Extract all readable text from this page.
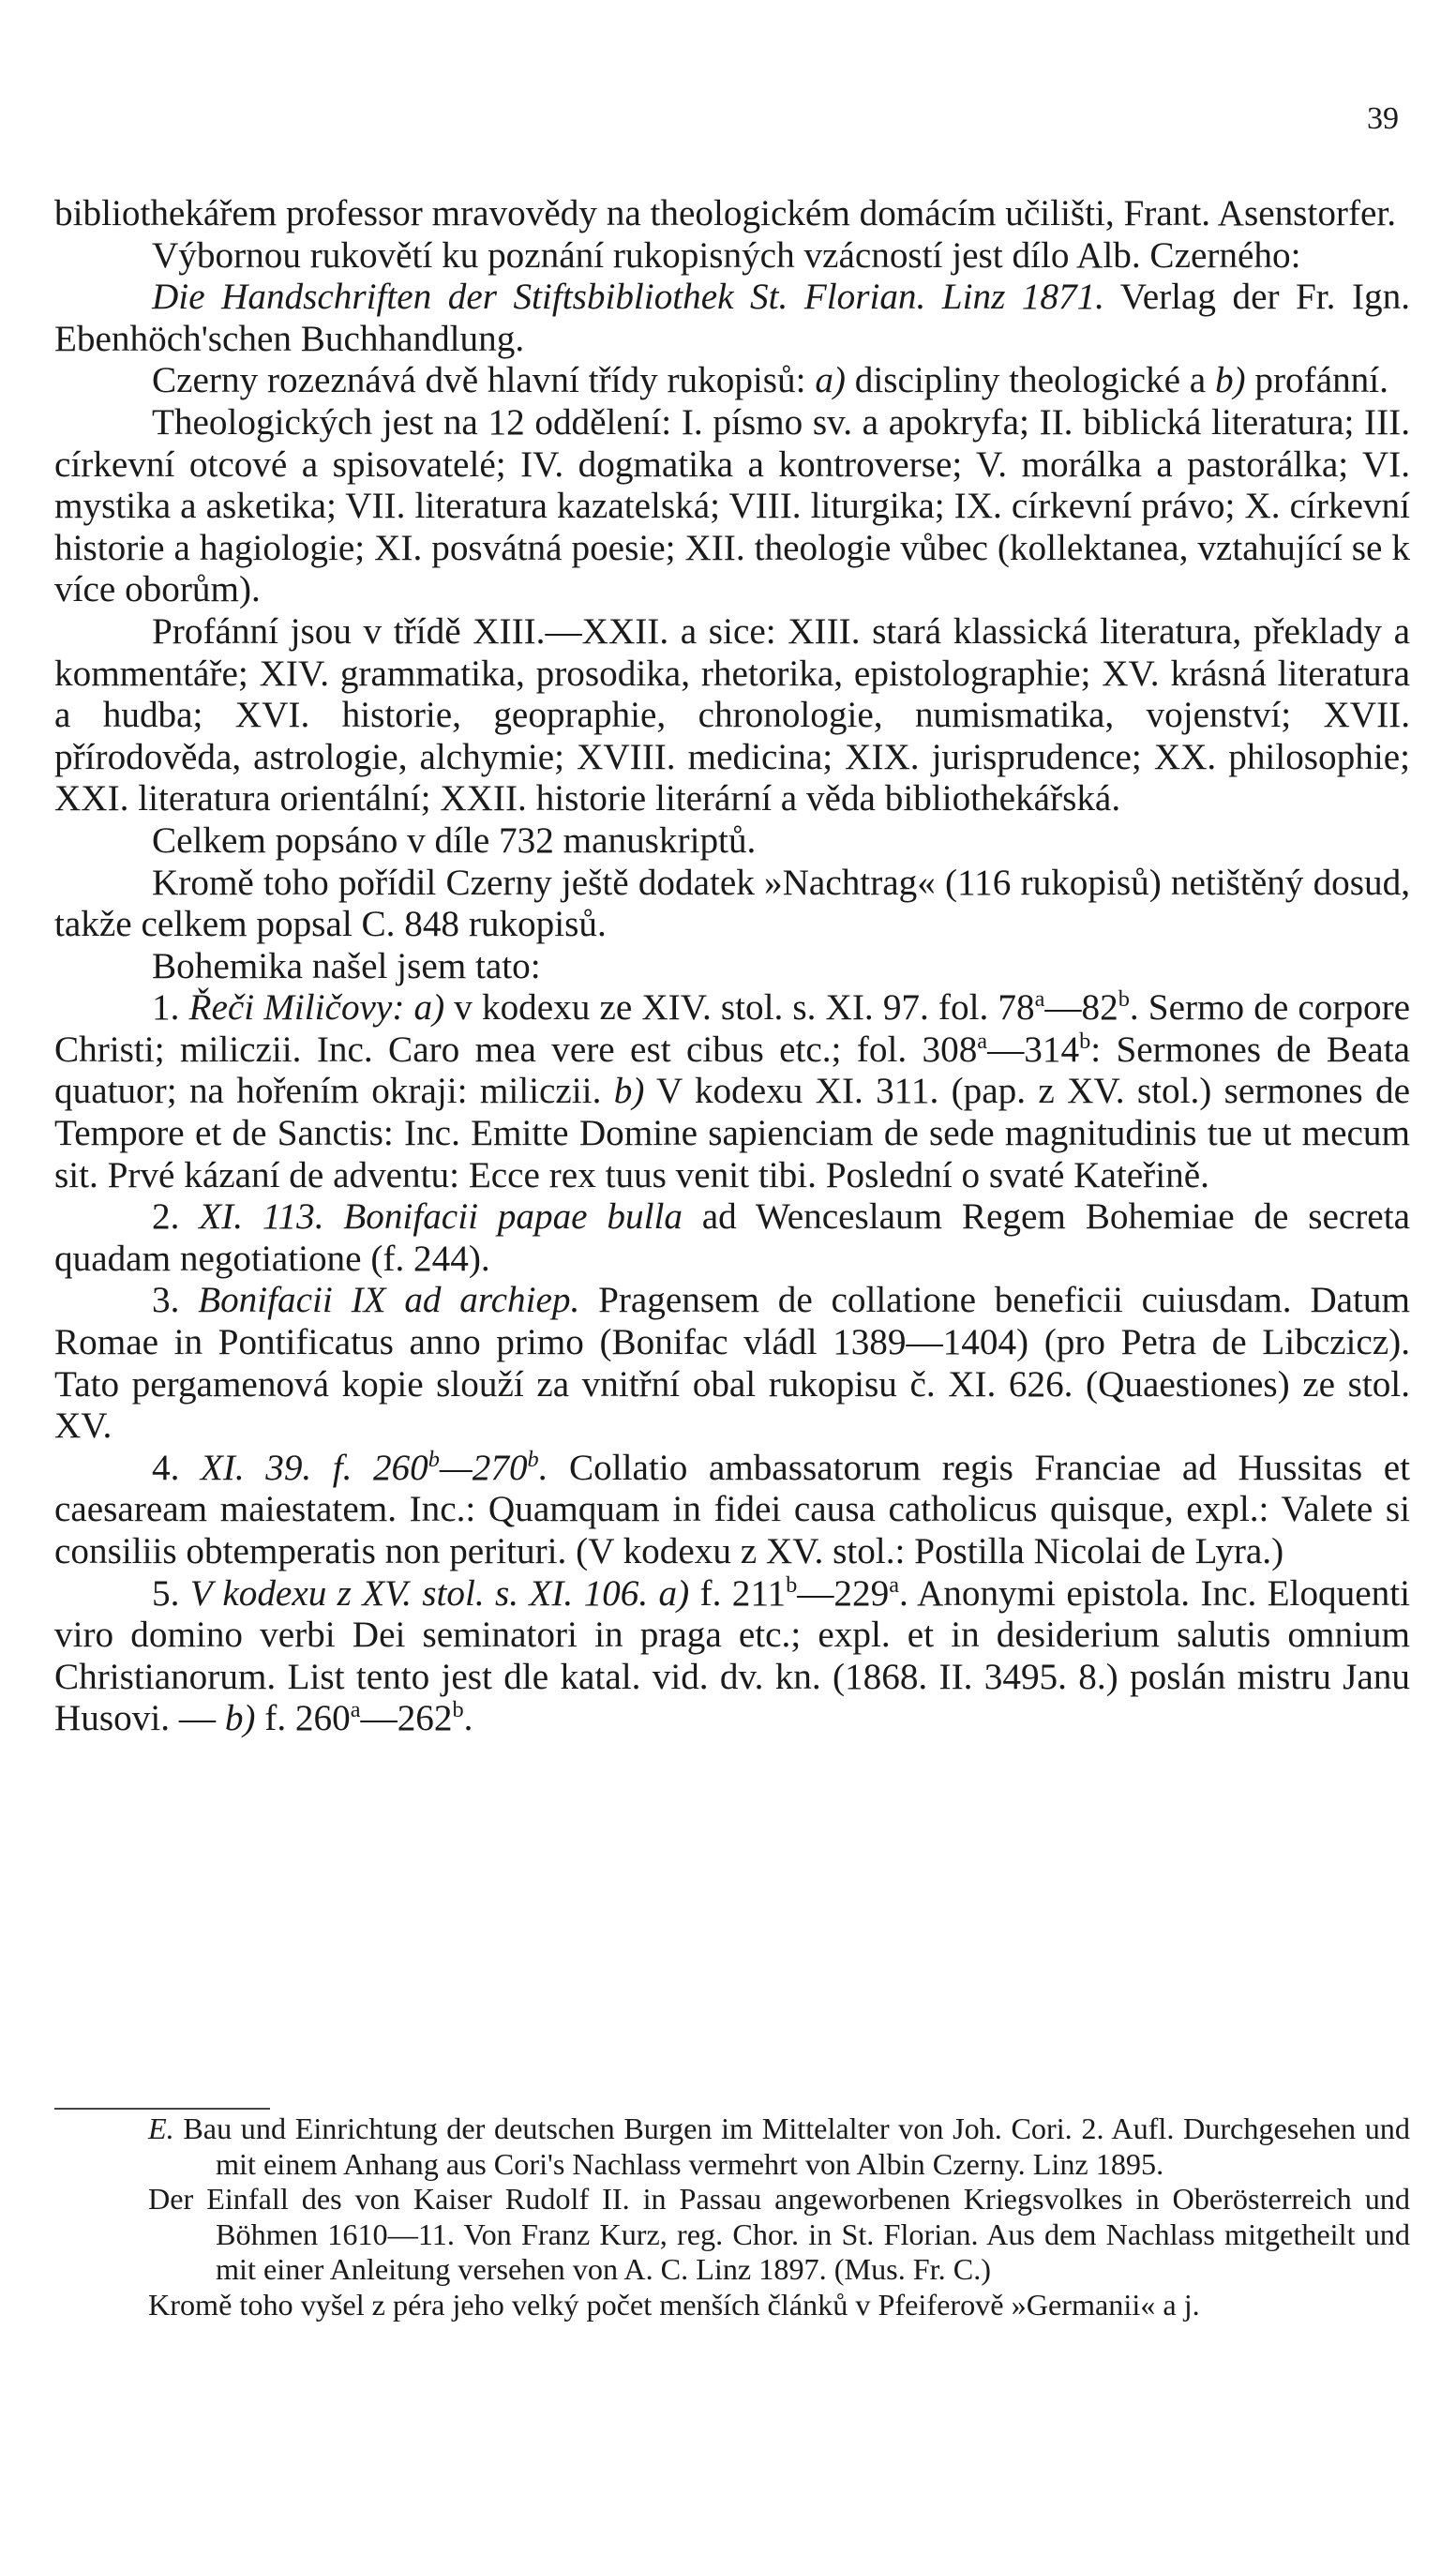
39

bibliothekářem professor mravovědy na theologickém domácím učilišti, Frant. Asenstorfer.

Výbornou rukovětí ku poznání rukopisných vzácností jest dílo Alb. Czerného:

Die Handschriften der Stiftsbibliothek St. Florian. Linz 1871. Verlag der Fr. Ign. Ebenhöch'schen Buchhandlung.

Czerny rozeznává dvě hlavní třídy rukopisů: a) discipliny theologické a b) profánní.

Theologických jest na 12 oddělení: I. písmo sv. a apokryfa; II. biblická literatura; III. církevní otcové a spisovatelé; IV. dogmatika a kontroverse; V. morálka a pastorálka; VI. mystika a asketika; VII. literatura kazatelská; VIII. liturgika; IX. církevní právo; X. církevní historie a hagiologie; XI. posvátná poesie; XII. theologie vůbec (kollektanea, vztahující se k více oborům).

Profánní jsou v třídě XIII.—XXII. a sice: XIII. stará klassická literatura, překlady a kommentáře; XIV. grammatika, prosodika, rhetorika, epistolographie; XV. krásná literatura a hudba; XVI. historie, geopraphie, chronologie, numismatika, vojenství; XVII. přírodověda, astrologie, alchymie; XVIII. medicina; XIX. jurisprudence; XX. philosophie; XXI. literatura orientální; XXII. historie literární a věda bibliothekářská.

Celkem popsáno v díle 732 manuskriptů.

Kromě toho pořídil Czerny ještě dodatek »Nachtrag« (116 rukopisů) netištěný dosud, takže celkem popsal C. 848 rukopisů.

Bohemika našel jsem tato:

1. Řeči Miličovy: a) v kodexu ze XIV. stol. s. XI. 97. fol. 78$^a$—82$^b$. Sermo de corpore Christi; miliczii. Inc. Caro mea vere est cibus etc.; fol. 308$^a$—314$^b$: Sermones de Beata quatuor; na hořením okraji: miliczii. b) V kodexu XI. 311. (pap. z XV. stol.) sermones de Tempore et de Sanctis: Inc. Emitte Domine sapienciam de sede magnitudinis tue ut mecum sit. Prvé kázaní de adventu: Ecce rex tuus venit tibi. Poslední o svaté Kateřině.

2. XI. 113. Bonifacii papae bulla ad Wenceslaum Regem Bohemiae de secreta quadam negotiatione (f. 244).

3. Bonifacii IX ad archiep. Pragensem de collatione beneficii cuiusdam. Datum Romae in Pontificatus anno primo (Bonifac vládl 1389—1404) (pro Petra de Libczicz). Tato pergamenová kopie slouží za vnitřní obal rukopisu č. XI. 626. (Quaestiones) ze stol. XV.

4. XI. 39. f. 260$^b$—270$^b$. Collatio ambassatorum regis Franciae ad Hussitas et caesaream maiestatem. Inc.: Quamquam in fidei causa catholicus quisque, expl.: Valete si consiliis obtemperatis non perituri. (V kodexu z XV. stol.: Postilla Nicolai de Lyra.)

5. V kodexu z XV. stol. s. XI. 106. a) f. 211$^b$—229$^a$. Anonymi epistola. Inc. Eloquenti viro domino verbi Dei seminatori in praga etc.; expl. et in desiderium salutis omnium Christianorum. List tento jest dle katal. vid. dv. kn. (1868. II. 3495. 8.) poslán mistru Janu Husovi. — b) f. 260$^a$—262$^b$.

E. Bau und Einrichtung der deutschen Burgen im Mittelalter von Joh. Cori. 2. Aufl. Durchgesehen und mit einem Anhang aus Cori's Nachlass vermehrt von Albin Czerny. Linz 1895.

Der Einfall des von Kaiser Rudolf II. in Passau angeworbenen Kriegsvolkes in Oberösterreich und Böhmen 1610—11. Von Franz Kurz, reg. Chor. in St. Florian. Aus dem Nachlass mitgetheilt und mit einer Anleitung versehen von A. C. Linz 1897. (Mus. Fr. C.)

Kromě toho vyšel z péra jeho velký počet menších článků v Pfeiferově »Germanii« a j.
